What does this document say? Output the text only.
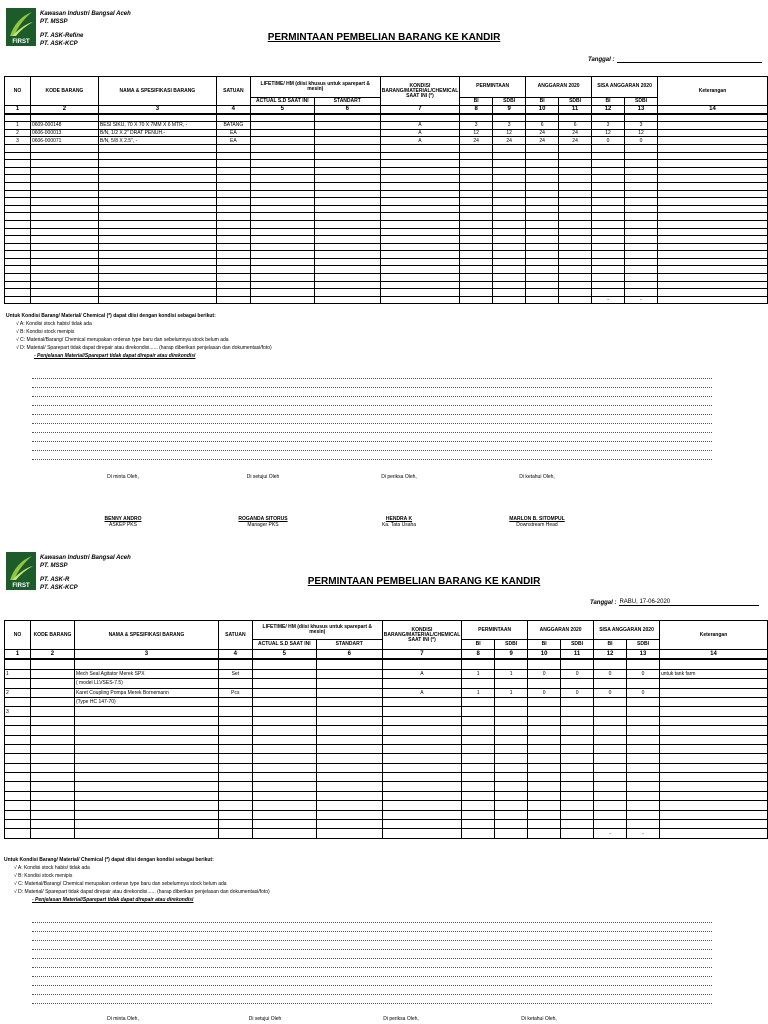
FIRST
Kawasan Industri Bangsal Aceh
PT. MSSP
PT. ASK-Refine
PT. ASK-KCP
PERMINTAAN PEMBELIAN BARANG KE KANDIR
Tanggal :
NO	KODE BARANG	NAMA & SPESIFIKASI BARANG	SATUAN	LIFETIME/ HM (diisi khusus untuk sparepart & mesin)		KONDISI BARANG/MATERIAL/CHEMICAL SAAT INI (*)	PERMINTAAN		ANGGARAN 2020		SISA ANGGARAN 2020		Keterangan
				ACTUAL S.D SAAT INI	STANDART		BI	SDBI	BI	SDBI	BI	SDBI	
1	2	3	4	5	6	7	8	9	10	11	12	13	14

1	0609-000148	BESI SIKU, 70 X 70 X 7MM X 6 MTR, -	BATANG			A	3	3	6	6	3	3	
2	0606-000013	B/N, 1/2 X 2" DRAT PENUH.-	EA			A	12	12	24	24	12	12	
3	0606-000071	B/N, 5/8 X 2.5", -	EA			A	24	24	24	24	0	0	

											-	-	
Untuk Kondisi Barang/ Material/ Chemical (*) dapat diisi dengan kondisi sebagai berikut:
√ A: Kondisi stock habis/ tidak ada
√ B: Kondisi stock menipis
√ C: Material/Barang/ Chemical merupakan orderan type baru dan sebelumnya stock belum ada
√ D: Material/ Sparepart tidak dapat direpair atau direkondisi...... (harap diberikan penjelasan dan dokumentasi/foto)
- Penjelasan Material/Sparepart tidak dapat direpair atau direkondisi
Di minta Oleh,	Di setujui Oleh	Di periksa Oleh,	Di ketahui Oleh,
BENNY ANDRO
ASKEP PKS
ROGANDA SITORUS
Manager PKS
HENDRA K
Ka. Tata Usaha
MARLON B. SITOMPUL
Downstream Head
FIRST
Kawasan Industri Bangsal Aceh
PT. MSSP
PT. ASK-R
PT. ASK-KCP
PERMINTAAN PEMBELIAN BARANG KE KANDIR
Tanggal : RABU, 17-06-2020
NO	KODE BARANG	NAMA & SPESIFIKASI BARANG	SATUAN	LIFETIME/ HM (diisi khusus untuk sparepart & mesin)		KONDISI BARANG/MATERIAL/CHEMICAL SAAT INI (*)	PERMINTAAN		ANGGARAN 2020		SISA ANGGARAN 2020		Keterangan
				ACTUAL S.D SAAT INI	STANDART		BI	SDBI	BI	SDBI	BI	SDBI	
1	2	3	4	5	6	7	8	9	10	11	12	13	14

1		Mech Seal Agitator Merek SPX	Set			A	1	1	0	0	0	0	untuk tank farm
		( model LLVSES-7.5)											
2		Karet Coupling Pompa Merek Bornemann	Pcs			A	1	1	0	0	0	0	
		(Type HC 147-70)											
3													

											-	-	
Untuk Kondisi Barang/ Material/ Chemical (*) dapat diisi dengan kondisi sebagai berikut:
√ A: Kondisi stock habis/ tidak ada
√ B: Kondisi stock menipis
√ C: Material/Barang/ Chemical merupakan orderan type baru dan sebelumnya stock belum ada
√ D: Material/ Sparepart tidak dapat direpair atau direkondisi...... (harap diberikan penjelasan dan dokumentasi/foto)
- Penjelasan Material/Sparepart tidak dapat direpair atau direkondisi
Di minta Oleh,	Di setujui Oleh	Di periksa Oleh,	Di ketahui Oleh,
